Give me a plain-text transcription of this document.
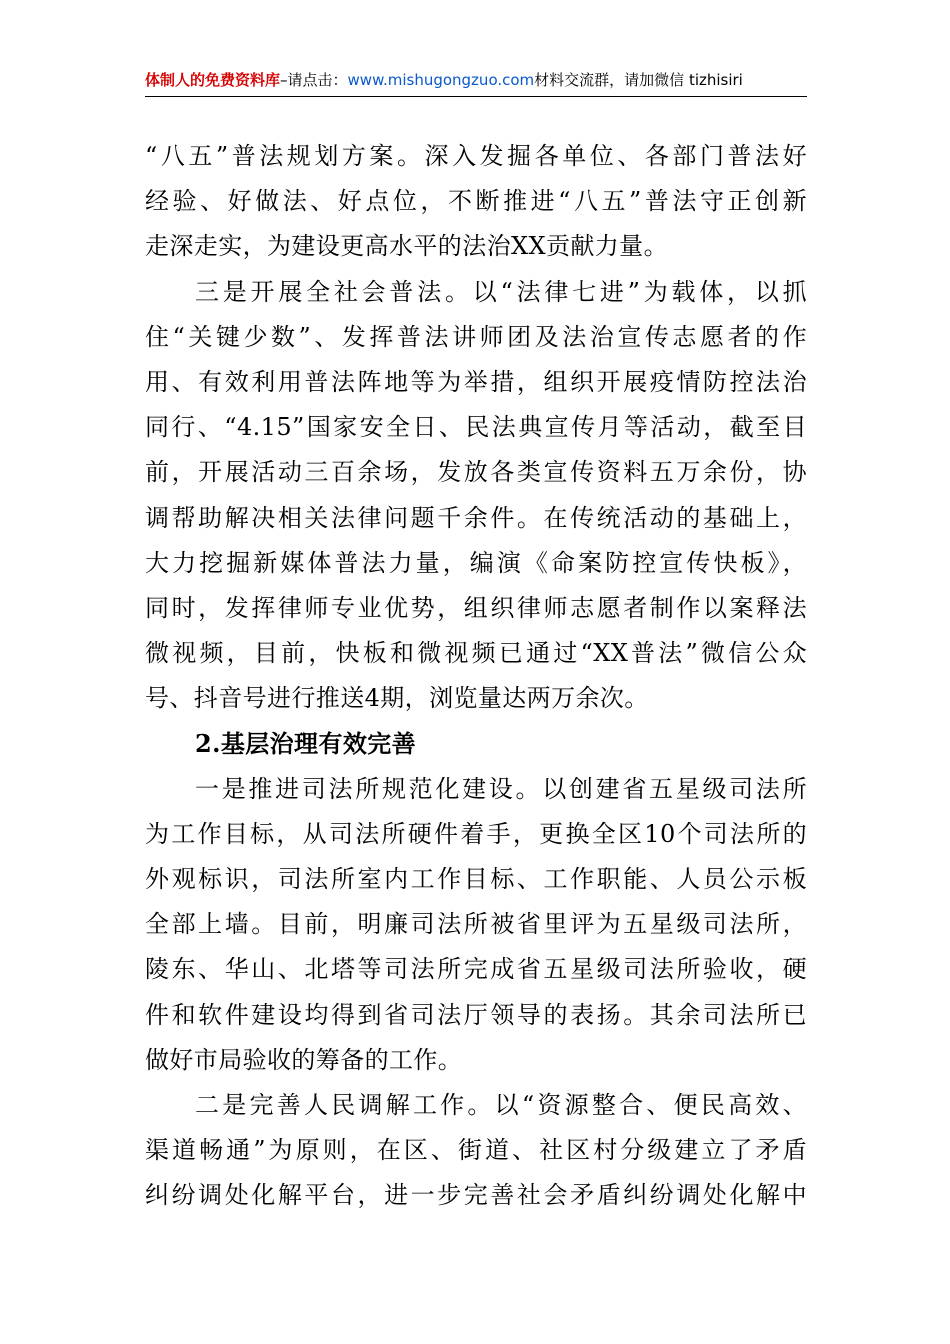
体制人的免费资料库–请点击：www.mishugongzuo.com材料交流群，请加微信 tizhisiri
“八五”普法规划方案。深入发掘各单位、各部门普法好
经验、好做法、好点位，不断推进“八五”普法守正创新
走深走实，为建设更高水平的法治XX贡献力量。
三是开展全社会普法。以“法律七进”为载体，以抓
住“关键少数”、发挥普法讲师团及法治宣传志愿者的作
用、有效利用普法阵地等为举措，组织开展疫情防控法治
同行、“4.15”国家安全日、民法典宣传月等活动，截至目
前，开展活动三百余场，发放各类宣传资料五万余份，协
调帮助解决相关法律问题千余件。在传统活动的基础上，
大力挖掘新媒体普法力量，编演《命案防控宣传快板》，
同时，发挥律师专业优势，组织律师志愿者制作以案释法
微视频，目前，快板和微视频已通过“XX普法”微信公众
号、抖音号进行推送4期，浏览量达两万余次。
2.基层治理有效完善
一是推进司法所规范化建设。以创建省五星级司法所
为工作目标，从司法所硬件着手，更换全区10个司法所的
外观标识，司法所室内工作目标、工作职能、人员公示板
全部上墙。目前，明廉司法所被省里评为五星级司法所，
陵东、华山、北塔等司法所完成省五星级司法所验收，硬
件和软件建设均得到省司法厅领导的表扬。其余司法所已
做好市局验收的筹备的工作。
二是完善人民调解工作。以“资源整合、便民高效、
渠道畅通”为原则，在区、街道、社区村分级建立了矛盾
纠纷调处化解平台，进一步完善社会矛盾纠纷调处化解中
